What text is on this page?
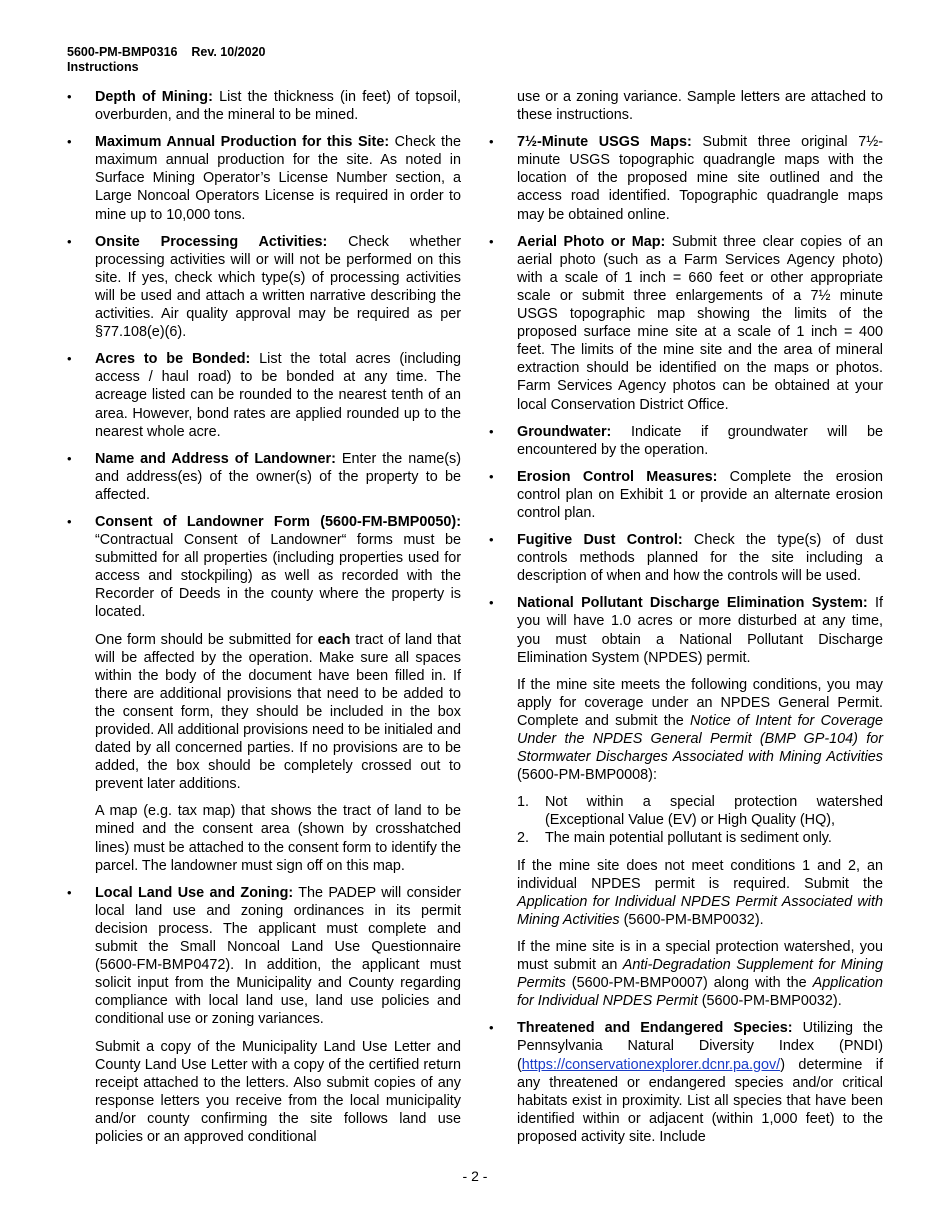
5600-PM-BMP0316    Rev. 10/2020
Instructions
•	Depth of Mining: List the thickness (in feet) of topsoil, overburden, and the mineral to be mined.

•	Maximum Annual Production for this Site: Check the maximum annual production for the site. As noted in Surface Mining Operator’s License Number section, a Large Noncoal Operators License is required in order to mine up to 10,000 tons.

•	Onsite Processing Activities: Check whether processing activities will or will not be performed on this site. If yes, check which type(s) of processing activities will be used and attach a written narrative describing the activities. Air quality approval may be required as per §77.108(e)(6).

•	Acres to be Bonded: List the total acres (including access / haul road) to be bonded at any time. The acreage listed can be rounded to the nearest tenth of an area. However, bond rates are applied rounded up to the nearest whole acre.

•	Name and Address of Landowner: Enter the name(s) and address(es) of the owner(s) of the property to be affected.

•	Consent of Landowner Form (5600-FM-BMP0050): “Contractual Consent of Landowner“ forms must be submitted for all properties (including properties used for access and stockpiling) as well as recorded with the Recorder of Deeds in the county where the property is located.

One form should be submitted for each tract of land that will be affected by the operation. Make sure all spaces within the body of the document have been filled in. If there are additional provisions that need to be added to the consent form, they should be included in the box provided. All additional provisions need to be initialed and dated by all concerned parties. If no provisions are to be added, the box should be completely crossed out to prevent later additions.

A map (e.g. tax map) that shows the tract of land to be mined and the consent area (shown by crosshatched lines) must be attached to the consent form to identify the parcel. The landowner must sign off on this map.

•	Local Land Use and Zoning: The PADEP will consider local land use and zoning ordinances in its permit decision process. The applicant must complete and submit the Small Noncoal Land Use Questionnaire (5600-FM-BMP0472). In addition, the applicant must solicit input from the Municipality and County regarding compliance with local land use, land use policies and conditional use or zoning variances.

Submit a copy of the Municipality Land Use Letter and County Land Use Letter with a copy of the certified return receipt attached to the letters. Also submit copies of any response letters you receive from the local municipality and/or county confirming the site follows land use policies or an approved conditional

use or a zoning variance. Sample letters are attached to these instructions.

•	7½-Minute USGS Maps: Submit three original 7½-minute USGS topographic quadrangle maps with the location of the proposed mine site outlined and the access road identified. Topographic quadrangle maps may be obtained online.

•	Aerial Photo or Map: Submit three clear copies of an aerial photo (such as a Farm Services Agency photo) with a scale of 1 inch = 660 feet or other appropriate scale or submit three enlargements of a 7½ minute USGS topographic map showing the limits of the proposed surface mine site at a scale of 1 inch = 400 feet. The limits of the mine site and the area of mineral extraction should be identified on the maps or photos. Farm Services Agency photos can be obtained at your local Conservation District Office.

•	Groundwater: Indicate if groundwater will be encountered by the operation.

•	Erosion Control Measures: Complete the erosion control plan on Exhibit 1 or provide an alternate erosion control plan.

•	Fugitive Dust Control: Check the type(s) of dust controls methods planned for the site including a description of when and how the controls will be used.

•	National Pollutant Discharge Elimination System: If you will have 1.0 acres or more disturbed at any time, you must obtain a National Pollutant Discharge Elimination System (NPDES) permit.

If the mine site meets the following conditions, you may apply for coverage under an NPDES General Permit. Complete and submit the Notice of Intent for Coverage Under the NPDES General Permit (BMP GP-104) for Stormwater Discharges Associated with Mining Activities (5600-PM-BMP0008):

1. Not within a special protection watershed (Exceptional Value (EV) or High Quality (HQ),
2. The main potential pollutant is sediment only.

If the mine site does not meet conditions 1 and 2, an individual NPDES permit is required. Submit the Application for Individual NPDES Permit Associated with Mining Activities (5600-PM-BMP0032).

If the mine site is in a special protection watershed, you must submit an Anti-Degradation Supplement for Mining Permits (5600-PM-BMP0007) along with the Application for Individual NPDES Permit (5600-PM-BMP0032).

•	Threatened and Endangered Species: Utilizing the Pennsylvania Natural Diversity Index (PNDI) (https://conservationexplorer.dcnr.pa.gov/) determine if any threatened or endangered species and/or critical habitats exist in proximity. List all species that have been identified within or adjacent (within 1,000 feet) to the proposed activity site. Include

- 2 -
